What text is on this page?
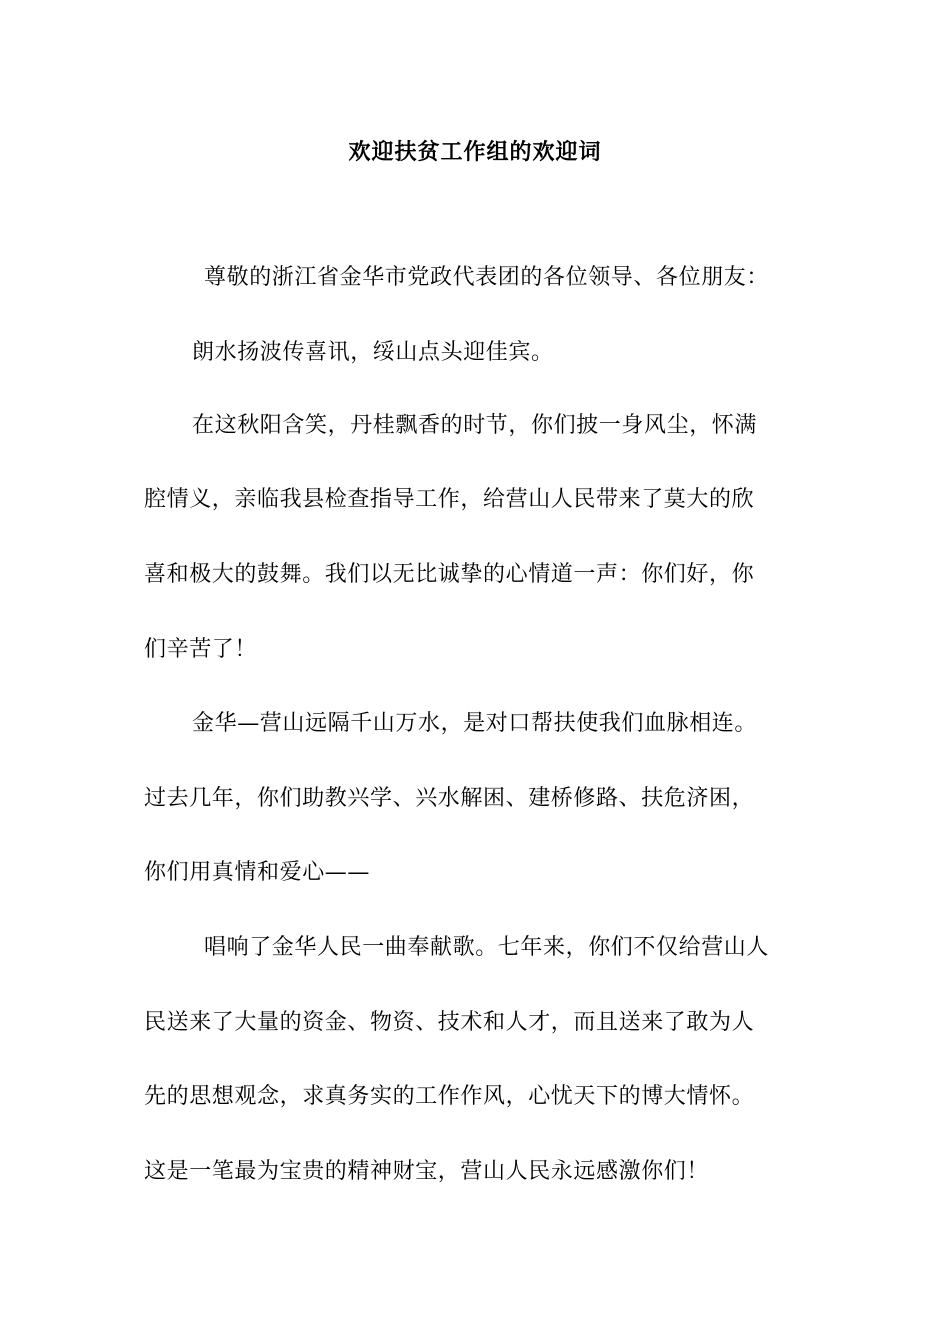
欢迎扶贫工作组的欢迎词
尊敬的浙江省金华市党政代表团的各位领导、各位朋友：
朗水扬波传喜讯，绥山点头迎佳宾。
在这秋阳含笑，丹桂飘香的时节，你们披一身风尘，怀满
腔情义，亲临我县检查指导工作，给营山人民带来了莫大的欣
喜和极大的鼓舞。我们以无比诚挚的心情道一声：你们好，你
们辛苦了！
金华—营山远隔千山万水，是对口帮扶使我们血脉相连。
过去几年，你们助教兴学、兴水解困、建桥修路、扶危济困，
你们用真情和爱心——
唱响了金华人民一曲奉献歌。七年来，你们不仅给营山人
民送来了大量的资金、物资、技术和人才，而且送来了敢为人
先的思想观念，求真务实的工作作风，心忧天下的博大情怀。
这是一笔最为宝贵的精神财宝，营山人民永远感激你们！
